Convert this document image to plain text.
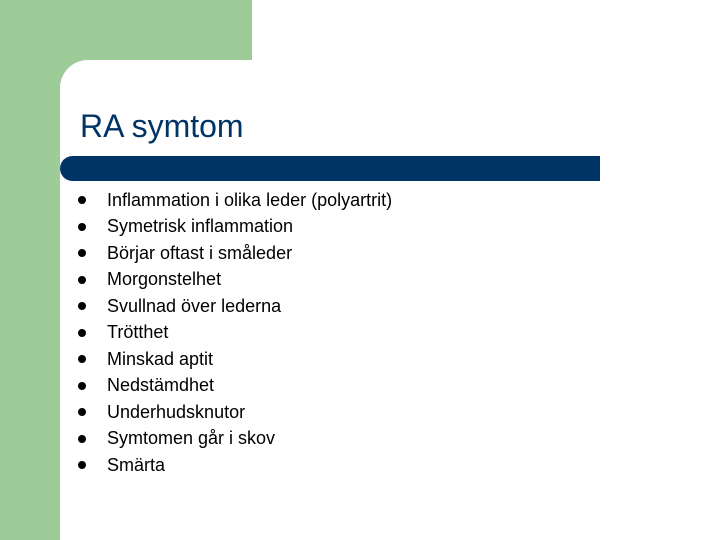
RA symtom
Inflammation i olika leder (polyartrit)
Symetrisk inflammation
Börjar oftast i småleder
Morgonstelhet
Svullnad över lederna
Trötthet
Minskad aptit
Nedstämdhet
Underhudsknutor
Symtomen går i skov
Smärta
